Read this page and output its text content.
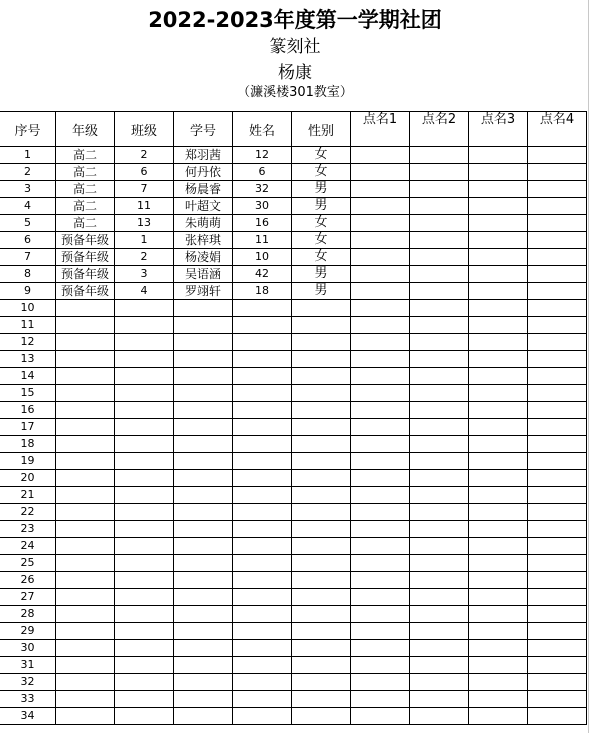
2022-2023年度第一学期社团
篆刻社
杨康
（濂溪楼301教室）
序号	年级	班级	学号	姓名	性别	点名1	点名2	点名3	点名4
1	高二	2	郑羽茜	12	女				
2	高二	6	何丹依	6	女				
3	高二	7	杨晨睿	32	男				
4	高二	11	叶超文	30	男				
5	高二	13	朱萌萌	16	女				
6	预备年级	1	张梓琪	11	女				
7	预备年级	2	杨凌娟	10	女				
8	预备年级	3	吴语涵	42	男				
9	预备年级	4	罗翊轩	18	男				
10									
11									
12									
13									
14									
15									
16									
17									
18									
19									
20									
21									
22									
23									
24									
25									
26									
27									
28									
29									
30									
31									
32									
33									
34									
